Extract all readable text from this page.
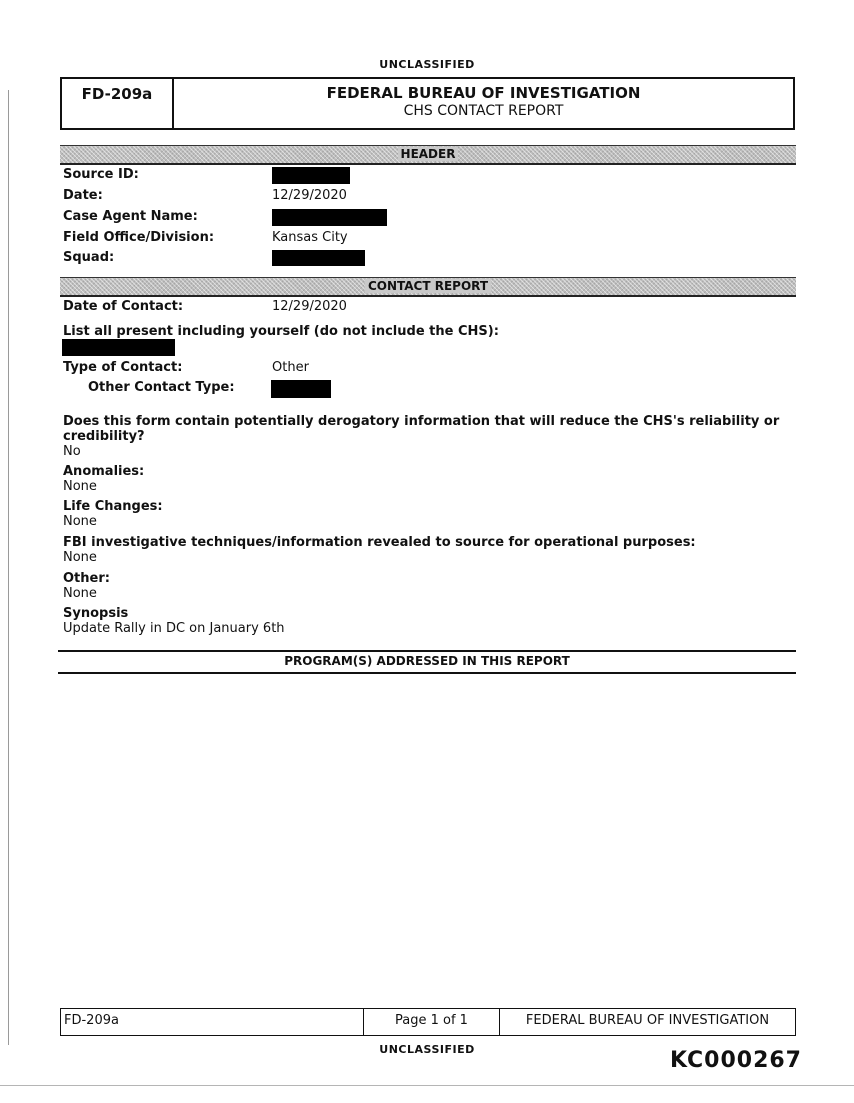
UNCLASSIFIED
FD-209a	FEDERAL BUREAU OF INVESTIGATION
CHS CONTACT REPORT
HEADER
Source ID:
Date:	12/29/2020
Case Agent Name:
Field Office/Division:	Kansas City
Squad:
CONTACT REPORT
Date of Contact:	12/29/2020
List all present including yourself (do not include the CHS):
Type of Contact:	Other
Other Contact Type:
Does this form contain potentially derogatory information that will reduce the CHS's reliability or
credibility?
No
Anomalies:
None
Life Changes:
None
FBI investigative techniques/information revealed to source for operational purposes:
None
Other:
None
Synopsis
Update Rally in DC on January 6th
PROGRAM(S) ADDRESSED IN THIS REPORT
FD-209a	Page 1 of 1	FEDERAL BUREAU OF INVESTIGATION
UNCLASSIFIED	KC000267
